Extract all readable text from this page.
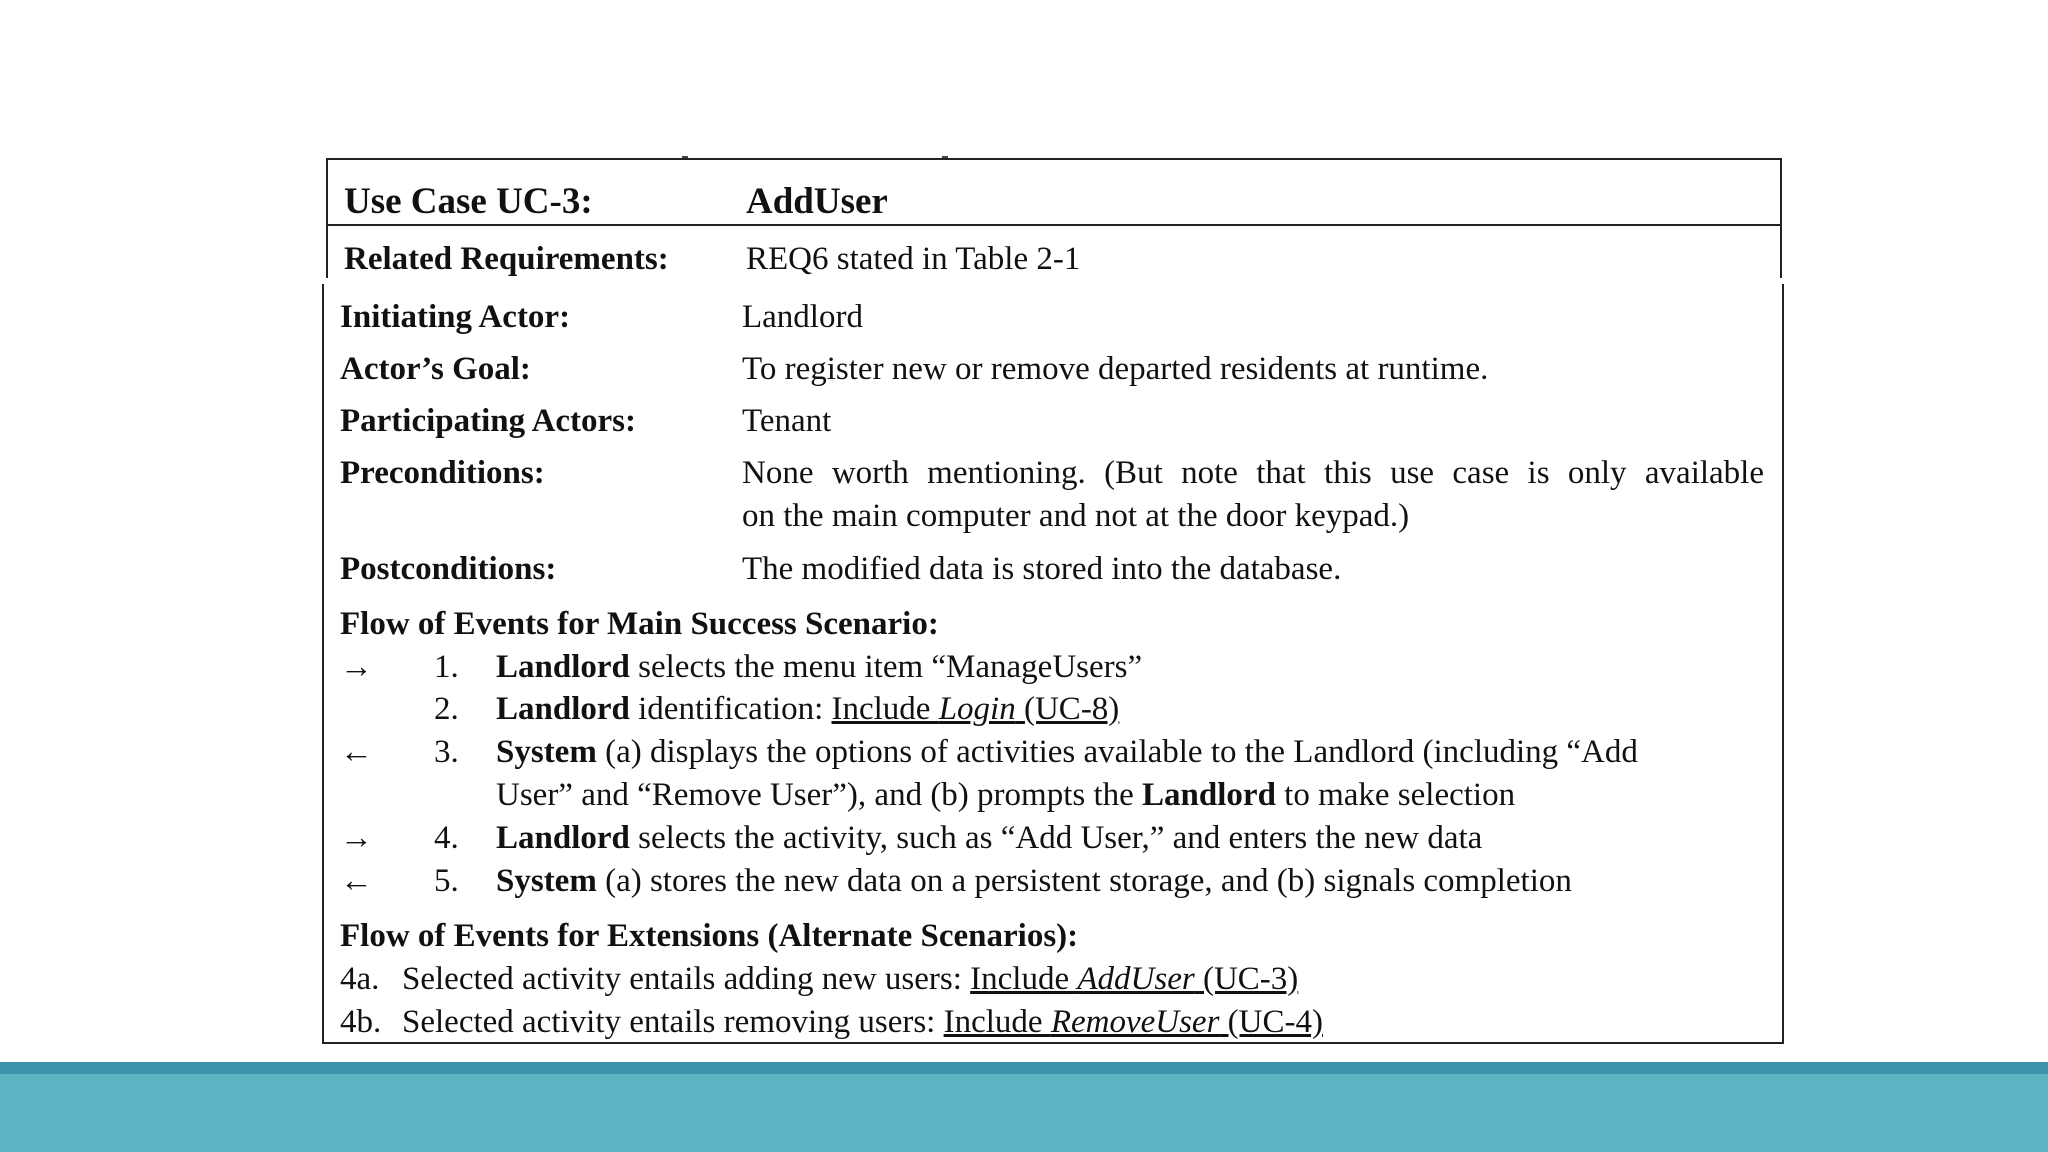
Use Case UC-3:	AddUser
Related Requirements: REQ6 stated in Table 2-1
Initiating Actor:	Landlord
Actor’s Goal:	To register new or remove departed residents at runtime.
Participating Actors:	Tenant
Preconditions:	None worth mentioning. (But note that this use case is only available
on the main computer and not at the door keypad.)
Postconditions:	The modified data is stored into the database.
Flow of Events for Main Success Scenario:
→ 1. Landlord selects the menu item “ManageUsers”
2. Landlord identification: Include Login (UC-8)
← 3. System (a) displays the options of activities available to the Landlord (including “Add
User” and “Remove User”), and (b) prompts the Landlord to make selection
→ 4. Landlord selects the activity, such as “Add User,” and enters the new data
← 5. System (a) stores the new data on a persistent storage, and (b) signals completion
Flow of Events for Extensions (Alternate Scenarios):
4a. Selected activity entails adding new users: Include AddUser (UC-3)
4b. Selected activity entails removing users: Include RemoveUser (UC-4)
